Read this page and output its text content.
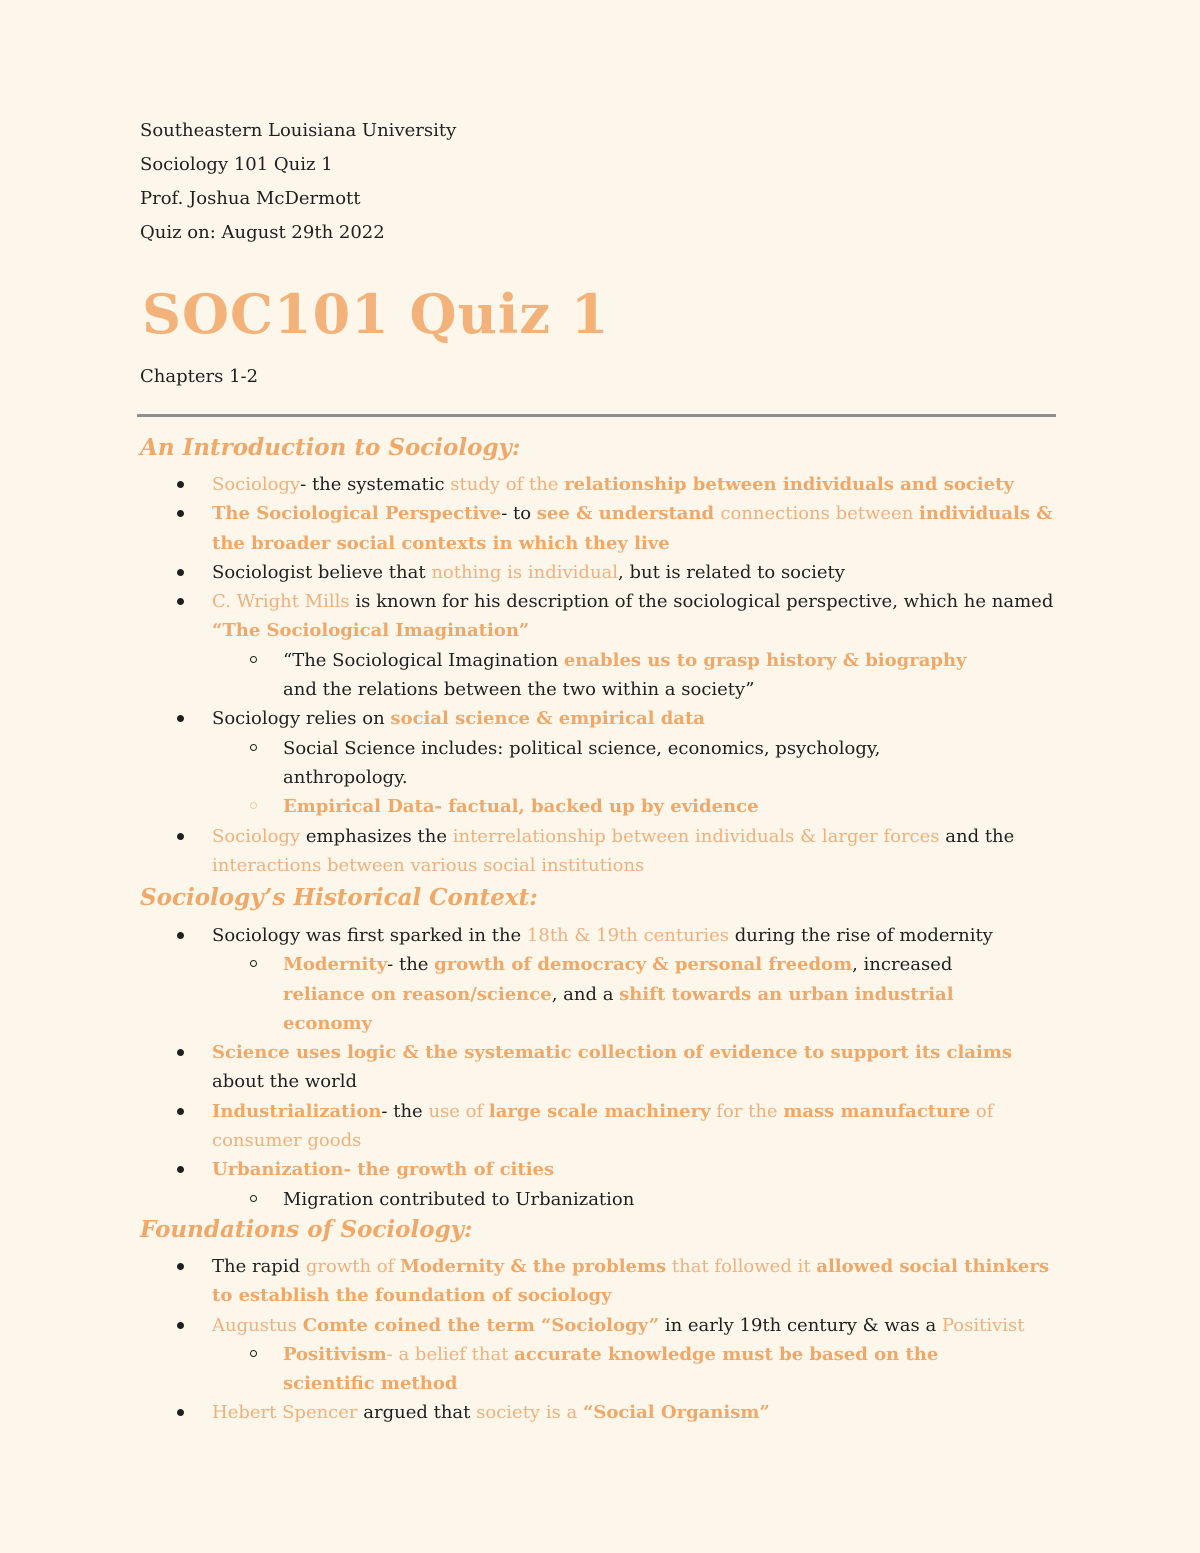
Southeastern Louisiana University
Sociology 101 Quiz 1
Prof. Joshua McDermott
Quiz on: August 29th 2022
SOC101 Quiz 1
Chapters 1-2
An Introduction to Sociology:
Sociology- the systematic study of the relationship between individuals and society
The Sociological Perspective- to see & understand connections between individuals & the broader social contexts in which they live
Sociologist believe that nothing is individual, but is related to society
C. Wright Mills is known for his description of the sociological perspective, which he named “The Sociological Imagination”
“The Sociological Imagination enables us to grasp history & biography and the relations between the two within a society”
Sociology relies on social science & empirical data
Social Science includes: political science, economics, psychology, anthropology.
Empirical Data- factual, backed up by evidence
Sociology emphasizes the interrelationship between individuals & larger forces and the interactions between various social institutions
Sociology’s Historical Context:
Sociology was first sparked in the 18th & 19th centuries during the rise of modernity
Modernity- the growth of democracy & personal freedom, increased reliance on reason/science, and a shift towards an urban industrial economy
Science uses logic & the systematic collection of evidence to support its claims about the world
Industrialization- the use of large scale machinery for the mass manufacture of consumer goods
Urbanization- the growth of cities
Migration contributed to Urbanization
Foundations of Sociology:
The rapid growth of Modernity & the problems that followed it allowed social thinkers to establish the foundation of sociology
Augustus Comte coined the term “Sociology” in early 19th century & was a Positivist
Positivism- a belief that accurate knowledge must be based on the scientific method
Hebert Spencer argued that society is a “Social Organism”
